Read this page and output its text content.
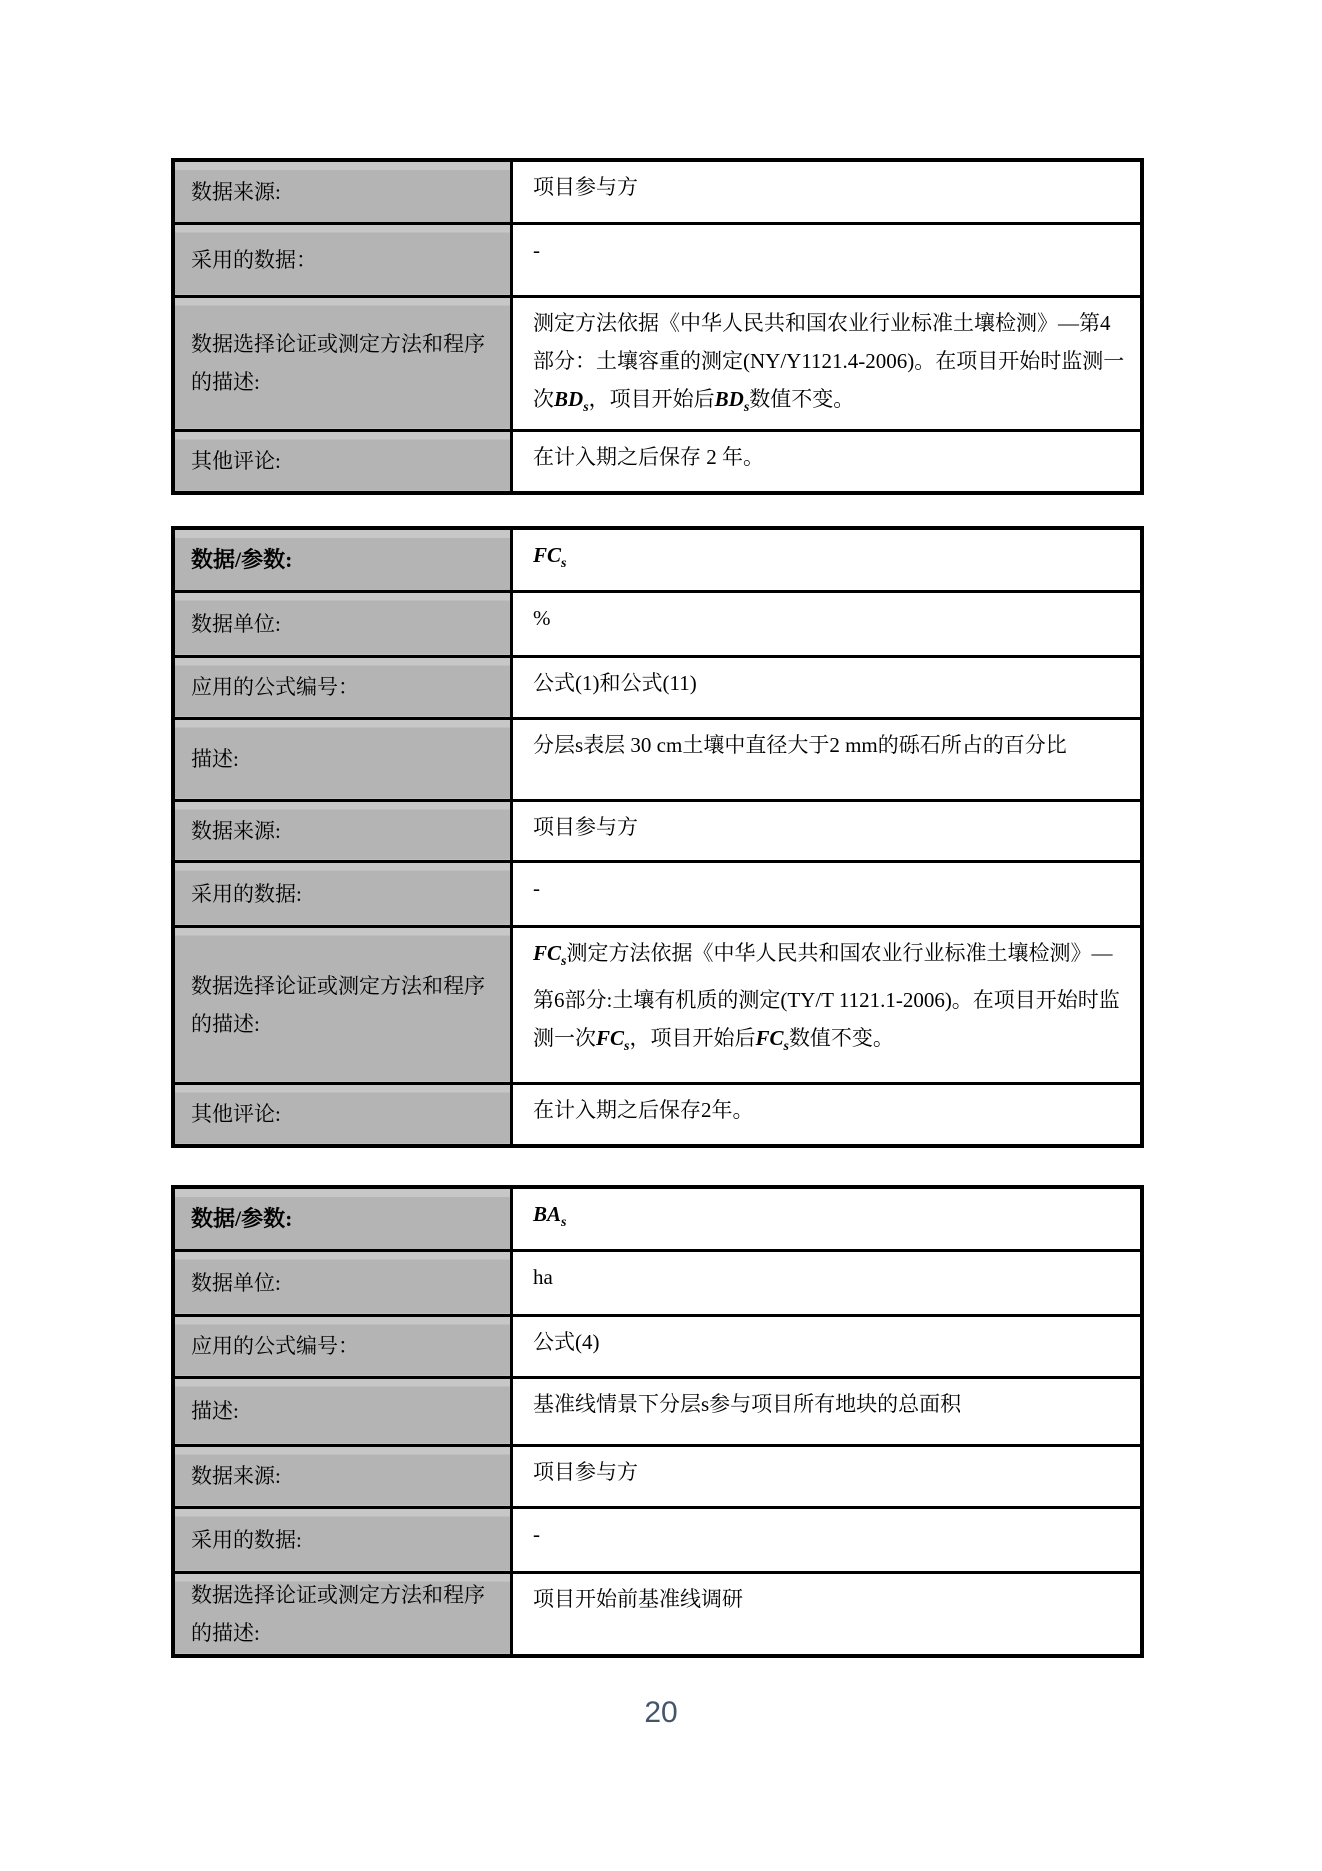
数据来源:	项目参与方
采用的数据：	-
数据选择论证或测定方法和程序的描述:	测定方法依据《中华人民共和国农业行业标准土壤检测》—第4部分：土壤容重的测定(NY/Y1121.4-2006)。在项目开始时监测一次$BD_s$，项目开始后$BD_s$数值不变。
其他评论:	在计入期之后保存 2 年。
数据/参数:	$FC_s$
数据单位:	%
应用的公式编号：	公式(1)和公式(11)
描述:	分层s表层 30 cm土壤中直径大于2 mm的砾石所占的百分比
数据来源:	项目参与方
采用的数据:	-
数据选择论证或测定方法和程序的描述:	$FC_s$测定方法依据《中华人民共和国农业行业标准土壤检测》—第6部分:土壤有机质的测定(TY/T 1121.1-2006)。在项目开始时监测一次$FC_s$，项目开始后$FC_s$数值不变。
其他评论:	在计入期之后保存2年。
数据/参数:	$BA_s$
数据单位:	ha
应用的公式编号：	公式(4)
描述:	基准线情景下分层s参与项目所有地块的总面积
数据来源:	项目参与方
采用的数据:	-
数据选择论证或测定方法和程序的描述:	项目开始前基准线调研
20
